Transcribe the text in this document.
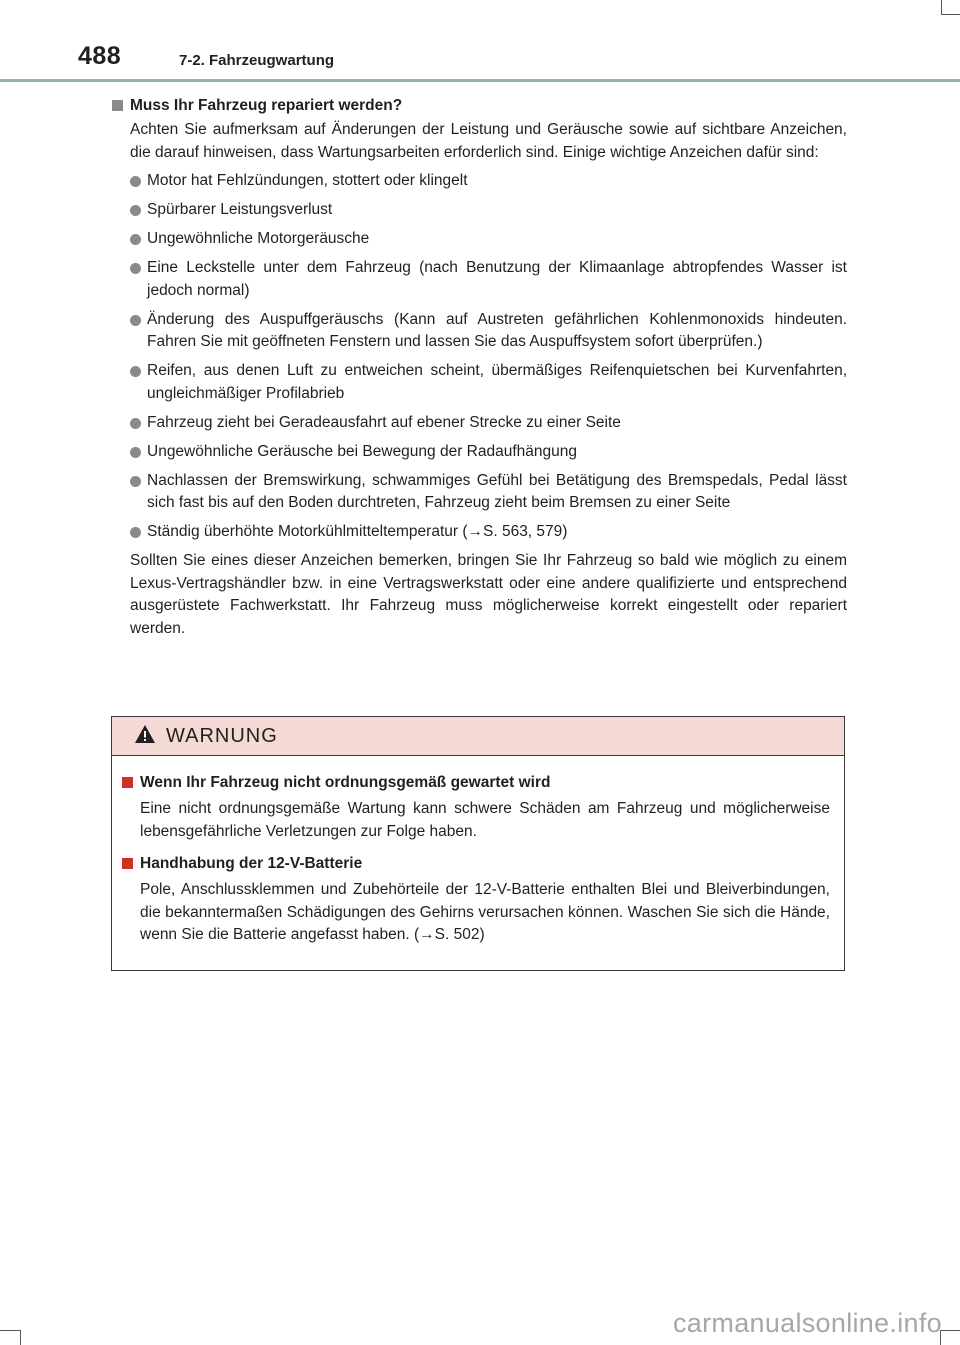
488	7-2. Fahrzeugwartung
Muss Ihr Fahrzeug repariert werden?

Achten Sie aufmerksam auf Änderungen der Leistung und Geräusche sowie auf sichtbare Anzeichen, die darauf hinweisen, dass Wartungsarbeiten erforderlich sind. Einige wichtige Anzeichen dafür sind:

Motor hat Fehlzündungen, stottert oder klingelt
Spürbarer Leistungsverlust
Ungewöhnliche Motorgeräusche
Eine Leckstelle unter dem Fahrzeug (nach Benutzung der Klimaanlage abtropfendes Wasser ist jedoch normal)
Änderung des Auspuffgeräuschs (Kann auf Austreten gefährlichen Kohlenmonoxids hindeuten. Fahren Sie mit geöffneten Fenstern und lassen Sie das Auspuffsystem sofort überprüfen.)
Reifen, aus denen Luft zu entweichen scheint, übermäßiges Reifenquietschen bei Kurvenfahrten, ungleichmäßiger Profilabrieb
Fahrzeug zieht bei Geradeausfahrt auf ebener Strecke zu einer Seite
Ungewöhnliche Geräusche bei Bewegung der Radaufhängung
Nachlassen der Bremswirkung, schwammiges Gefühl bei Betätigung des Bremspedals, Pedal lässt sich fast bis auf den Boden durchtreten, Fahrzeug zieht beim Bremsen zu einer Seite
Ständig überhöhte Motorkühlmitteltemperatur (→S. 563, 579)

Sollten Sie eines dieser Anzeichen bemerken, bringen Sie Ihr Fahrzeug so bald wie möglich zu einem Lexus-Vertragshändler bzw. in eine Vertragswerkstatt oder eine andere qualifizierte und entsprechend ausgerüstete Fachwerkstatt. Ihr Fahrzeug muss möglicherweise korrekt eingestellt oder repariert werden.

WARNUNG
Wenn Ihr Fahrzeug nicht ordnungsgemäß gewartet wird

Eine nicht ordnungsgemäße Wartung kann schwere Schäden am Fahrzeug und möglicherweise lebensgefährliche Verletzungen zur Folge haben.

Handhabung der 12-V-Batterie

Pole, Anschlussklemmen und Zubehörteile der 12-V-Batterie enthalten Blei und Bleiverbindungen, die bekanntermaßen Schädigungen des Gehirns verursachen können. Waschen Sie sich die Hände, wenn Sie die Batterie angefasst haben. (→S. 502)

carmanualsonline.info
